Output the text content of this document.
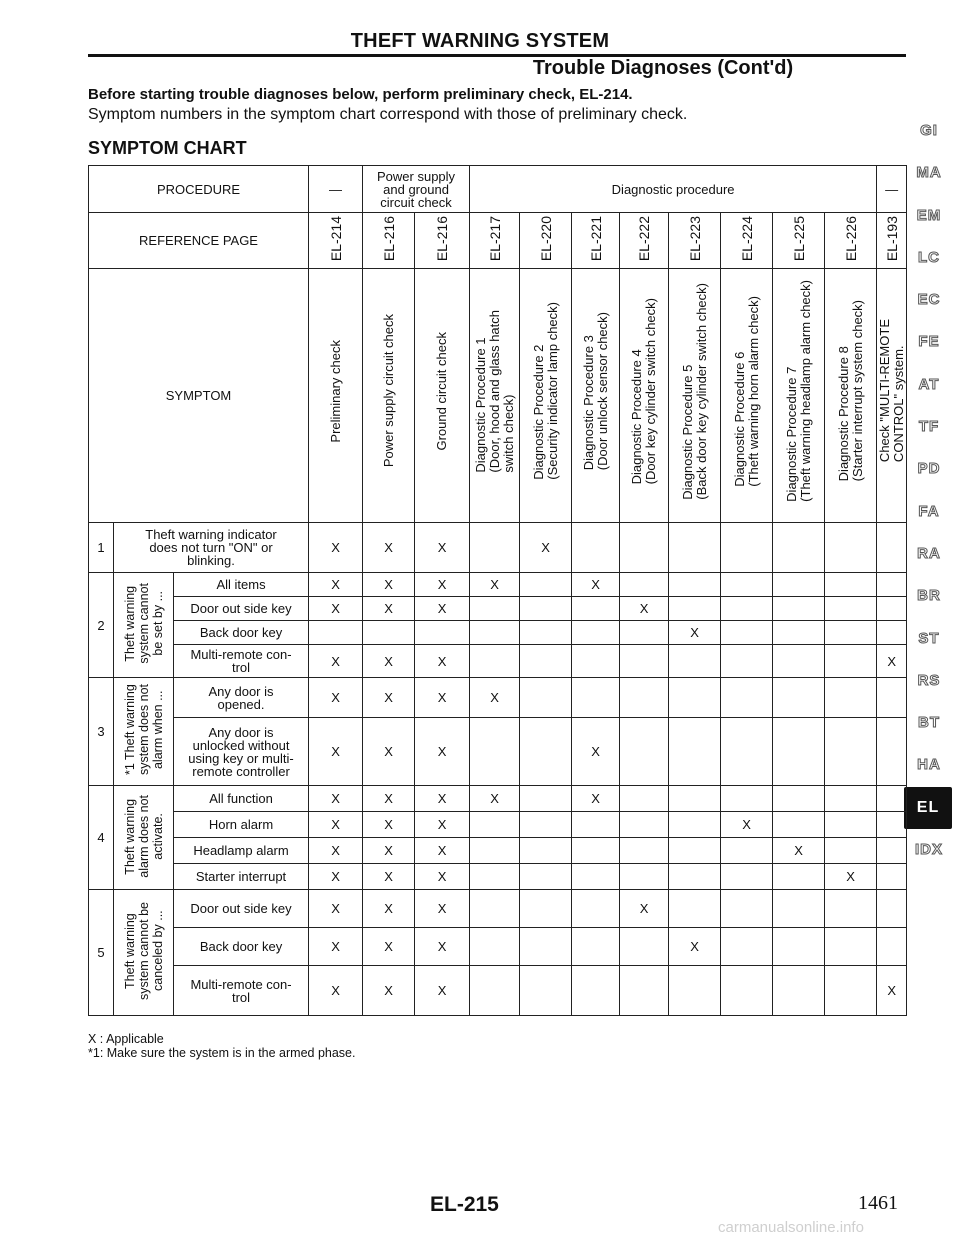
THEFT WARNING SYSTEM
Trouble Diagnoses (Cont'd)
Before starting trouble diagnoses below, perform preliminary check, EL-214.
Symptom numbers in the symptom chart correspond with those of preliminary check.
SYMPTOM CHART
GI
MA
EM
LC
EC
FE
AT
TF
PD
FA
RA
BR
ST
RS
BT
HA
EL
IDX
PROCEDURE			—	Power supply
and ground
circuit check		Diagnostic procedure								—	
REFERENCE PAGE			EL-214	EL-216	EL-216	EL-217	EL-220	EL-221	EL-222	EL-223	EL-224	EL-225	EL-226	EL-193	
SYMPTOM			Preliminary check	Power supply circuit check	Ground circuit check	Diagnostic Procedure 1
(Door, hood and glass hatch
switch check)	Diagnostic Procedure 2
(Security indicator lamp check)	Diagnostic Procedure 3
(Door unlock sensor check)	Diagnostic Procedure 4
(Door key cylinder switch check)	Diagnostic Procedure 5
(Back door key cylinder switch check)	Diagnostic Procedure 6
(Theft warning horn alarm check)	Diagnostic Procedure 7
(Theft warning headlamp alarm check)	Diagnostic Procedure 8
(Starter interrupt system check)	Check "MULTI-REMOTE
CONTROL" system.	
1	Theft warning indicator
does not turn "ON" or
blinking.		X	X	X		X								
2	Theft warning
system cannot
be set by ...	All items	X	X	X	X		X							
		Door out side key	X	X	X				X						
		Back door key								X					
		Multi-remote con-
trol	X	X	X									X	
3	*1 Theft warning
system does not
alarm when ...	Any door is
opened.	X	X	X	X									
		Any door is
unlocked without
using key or multi-
remote controller	X	X	X			X							
4	Theft warning
alarm does not
activate.	All function	X	X	X	X		X							
		Horn alarm	X	X	X						X				
		Headlamp alarm	X	X	X							X			
		Starter interrupt	X	X	X								X		
5	Theft warning
system cannot be
canceled by ...	Door out side key	X	X	X				X						
		Back door key	X	X	X					X					
		Multi-remote con-
trol	X	X	X									X	
X : Applicable
*1: Make sure the system is in the armed phase.
EL-215	1461
carmanualsonline.info
